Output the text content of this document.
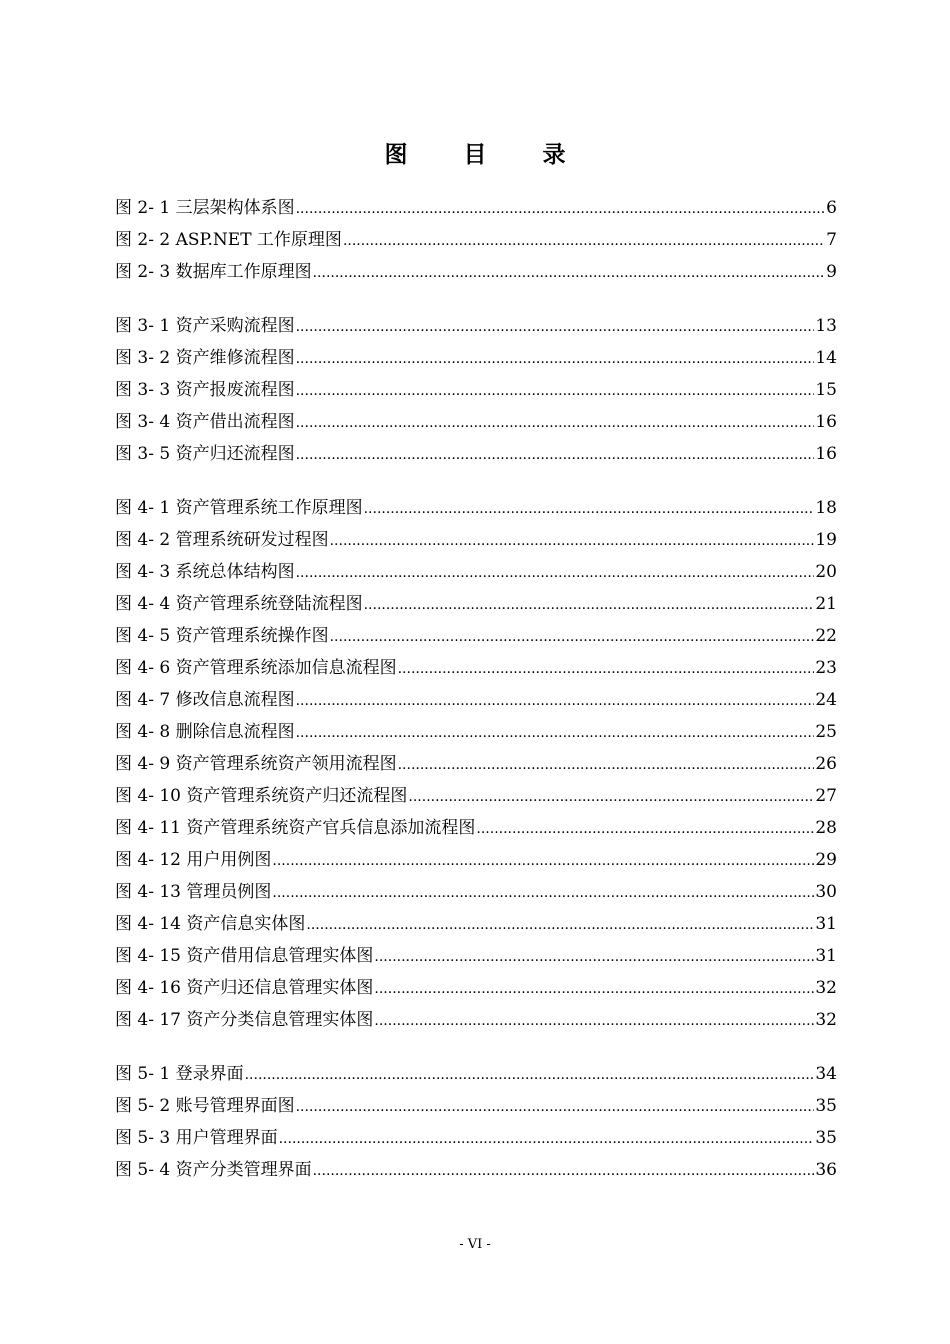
图 目 录
图 2- 1 三层架构体系图 .....	6
图 2- 2 ASP.NET 工作原理图 .....	7
图 2- 3 数据库工作原理图 .....	9
图 3- 1 资产采购流程图 .....	13
图 3- 2 资产维修流程图 .....	14
图 3- 3 资产报废流程图 .....	15
图 3- 4 资产借出流程图 .....	16
图 3- 5 资产归还流程图 .....	16
图 4- 1 资产管理系统工作原理图 .....	18
图 4- 2 管理系统研发过程图 .....	19
图 4- 3 系统总体结构图 .....	20
图 4- 4 资产管理系统登陆流程图 .....	21
图 4- 5 资产管理系统操作图 .....	22
图 4- 6 资产管理系统添加信息流程图 .....	23
图 4- 7 修改信息流程图 .....	24
图 4- 8 删除信息流程图 .....	25
图 4- 9 资产管理系统资产领用流程图 .....	26
图 4- 10 资产管理系统资产归还流程图 .....	27
图 4- 11 资产管理系统资产官兵信息添加流程图 .....	28
图 4- 12 用户用例图 .....	29
图 4- 13 管理员例图 .....	30
图 4- 14 资产信息实体图 .....	31
图 4- 15 资产借用信息管理实体图 .....	31
图 4- 16 资产归还信息管理实体图 .....	32
图 4- 17 资产分类信息管理实体图 .....	32
图 5- 1 登录界面 .....	34
图 5- 2 账号管理界面图 .....	35
图 5- 3 用户管理界面 .....	35
图 5- 4 资产分类管理界面 .....	36
- VI -
